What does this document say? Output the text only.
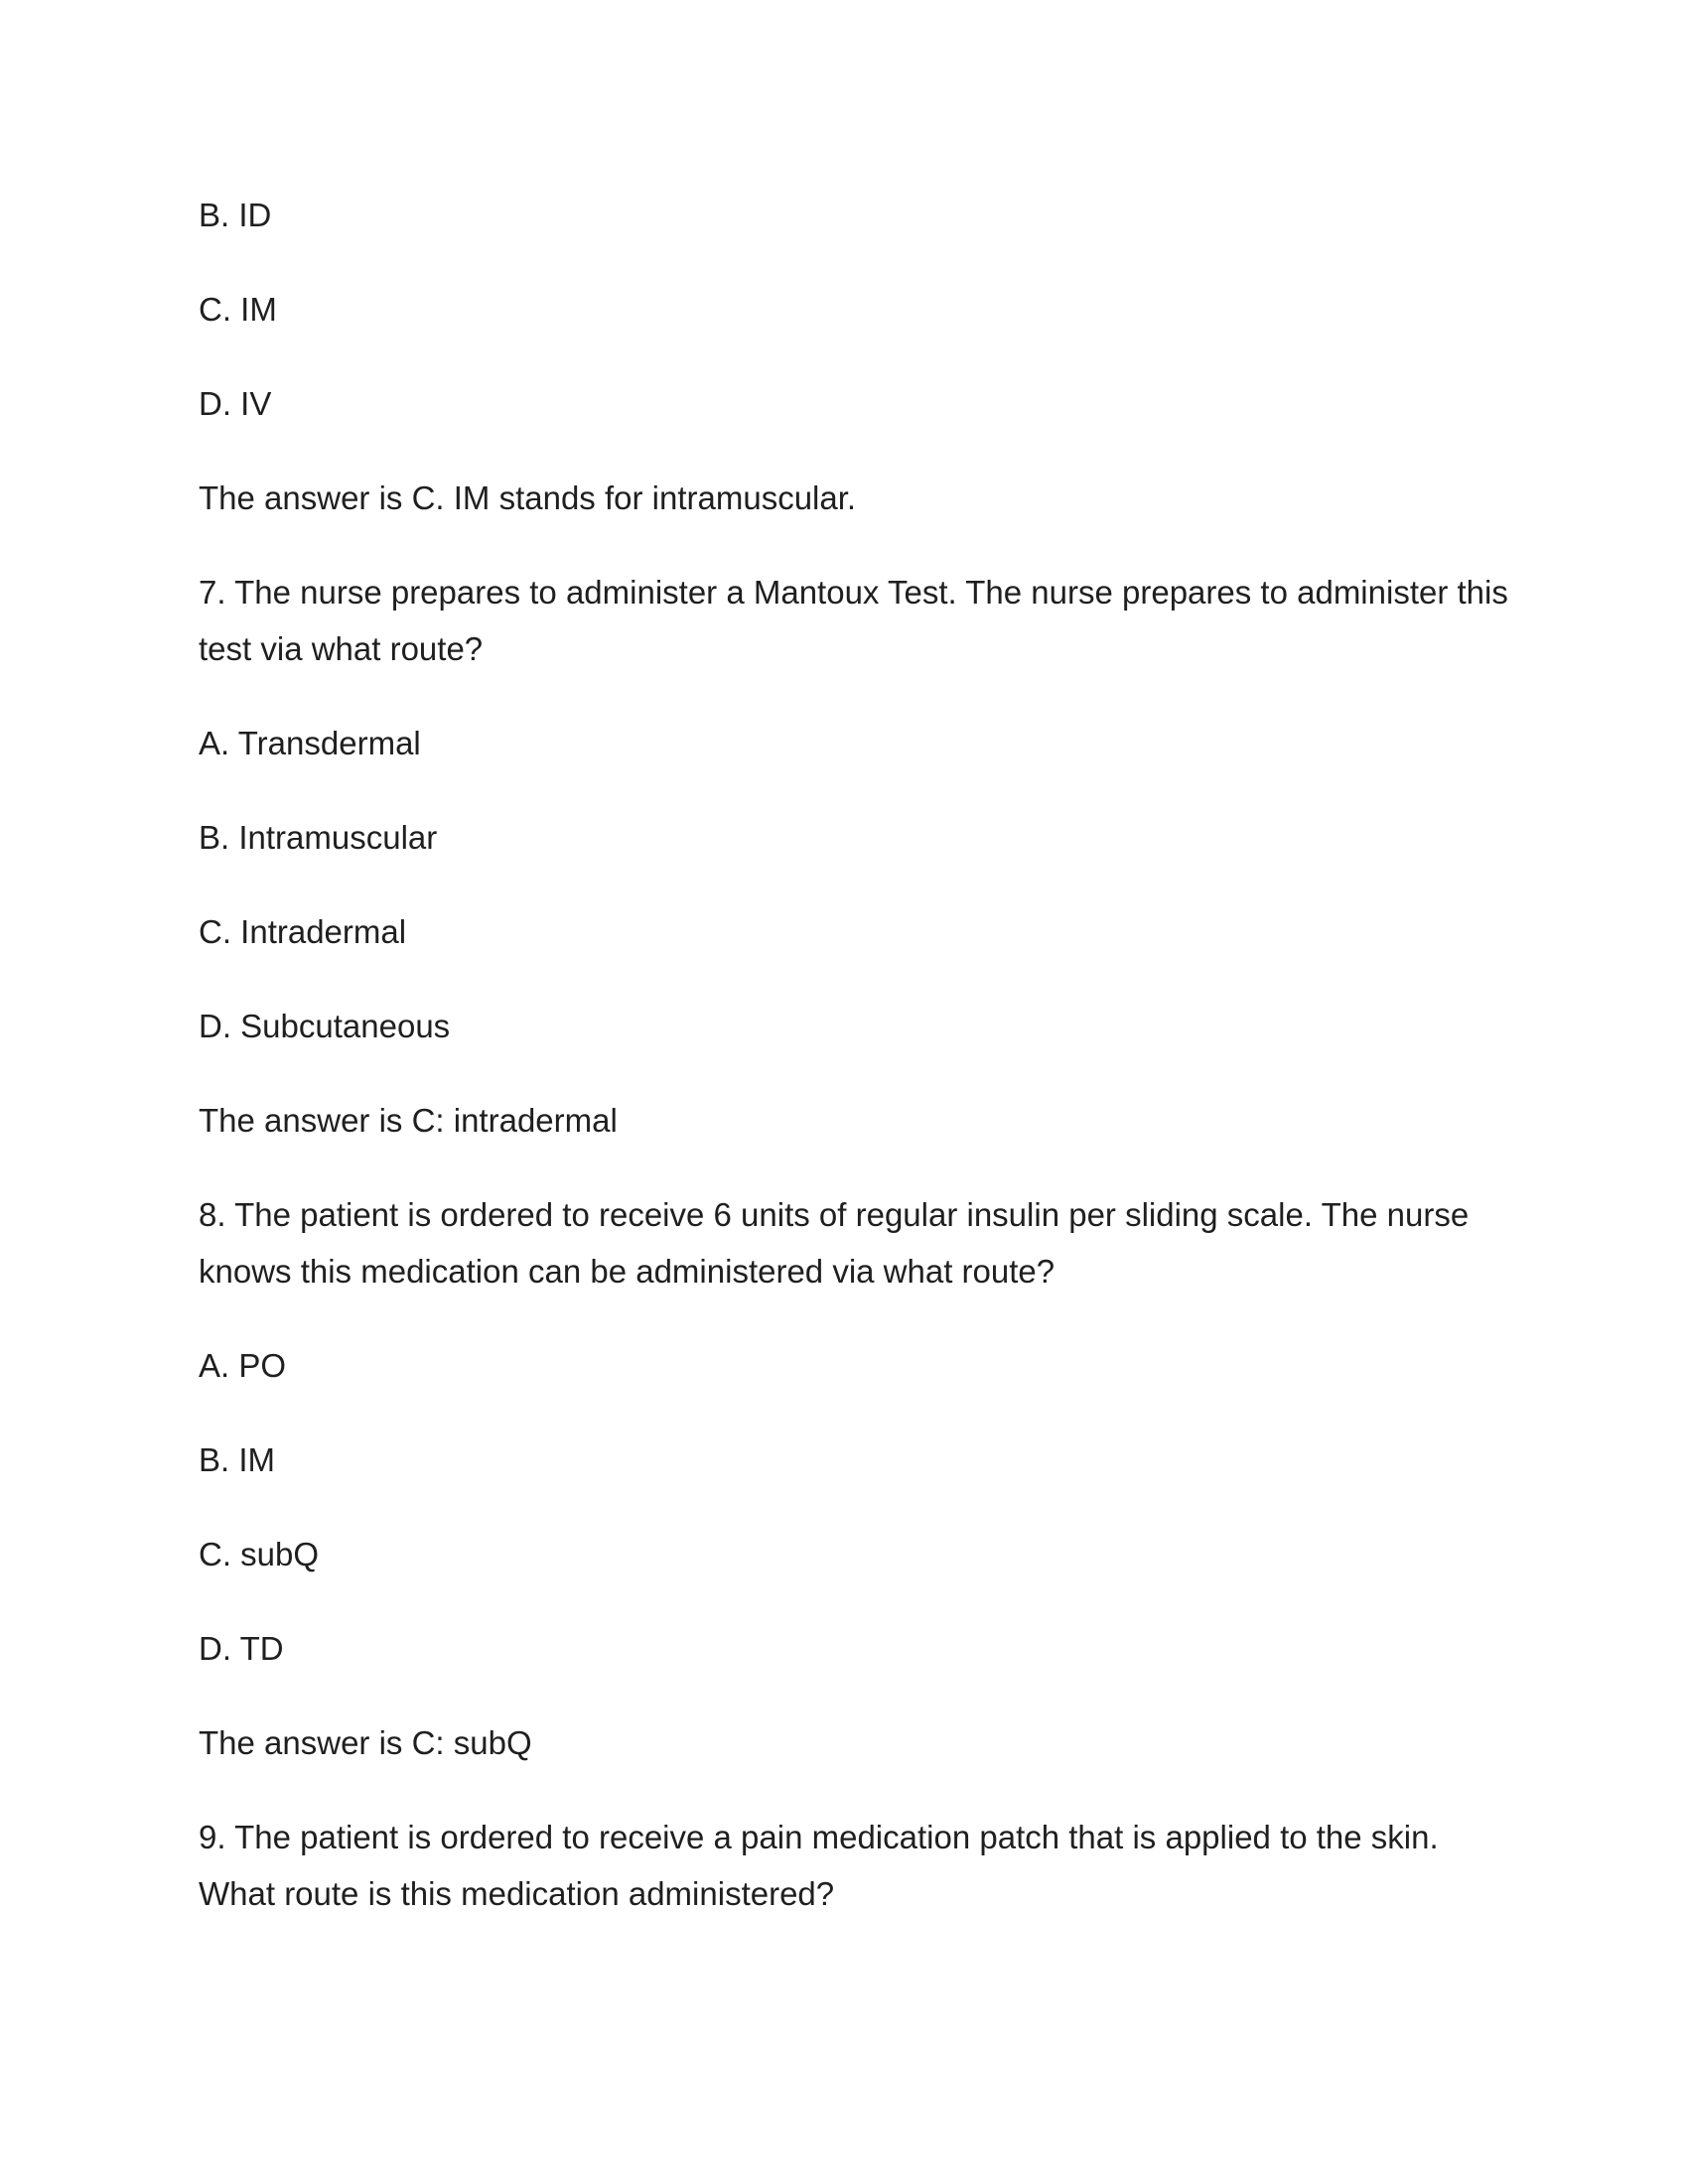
B. ID

C. IM

D. IV

The answer is C. IM stands for intramuscular.

7. The nurse prepares to administer a Mantoux Test. The nurse prepares to administer this test via what route?

A. Transdermal

B. Intramuscular

C. Intradermal

D. Subcutaneous

The answer is C: intradermal

8. The patient is ordered to receive 6 units of regular insulin per sliding scale. The nurse knows this medication can be administered via what route?

A. PO

B. IM

C. subQ

D. TD

The answer is C: subQ

9. The patient is ordered to receive a pain medication patch that is applied to the skin. What route is this medication administered?
